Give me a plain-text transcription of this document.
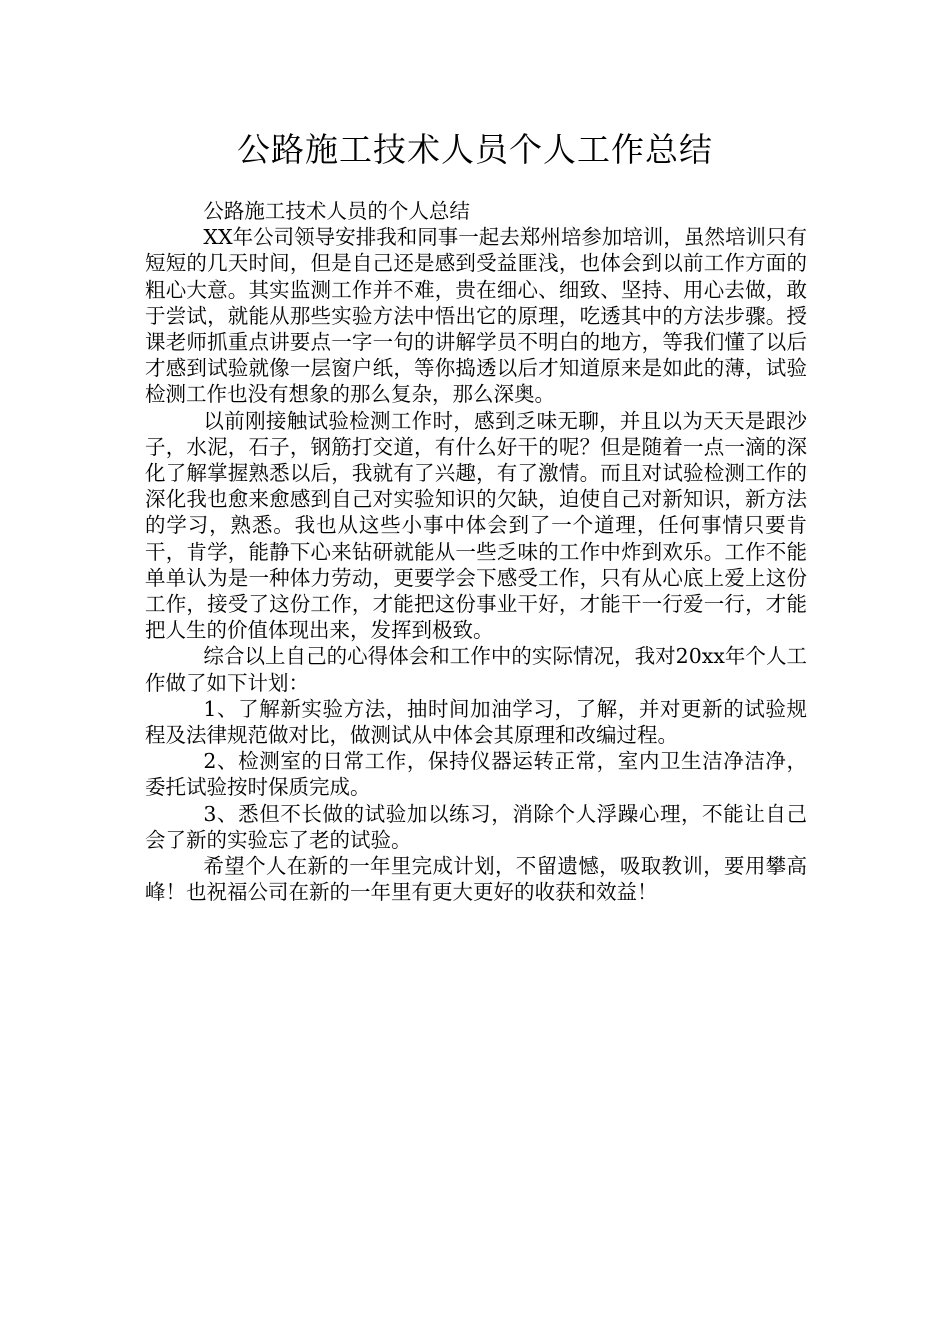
公路施工技术人员个人工作总结

公路施工技术人员的个人总结

XX年公司领导安排我和同事一起去郑州培参加培训，虽然培训只有短短的几天时间，但是自己还是感到受益匪浅，也体会到以前工作方面的粗心大意。其实监测工作并不难，贵在细心、细致、坚持、用心去做，敢于尝试，就能从那些实验方法中悟出它的原理，吃透其中的方法步骤。授课老师抓重点讲要点一字一句的讲解学员不明白的地方，等我们懂了以后才感到试验就像一层窗户纸，等你捣透以后才知道原来是如此的薄，试验检测工作也没有想象的那么复杂，那么深奥。

以前刚接触试验检测工作时，感到乏味无聊，并且以为天天是跟沙子，水泥，石子，钢筋打交道，有什么好干的呢？但是随着一点一滴的深化了解掌握熟悉以后，我就有了兴趣，有了激情。而且对试验检测工作的深化我也愈来愈感到自己对实验知识的欠缺，迫使自己对新知识，新方法的学习，熟悉。我也从这些小事中体会到了一个道理，任何事情只要肯干，肯学，能静下心来钻研就能从一些乏味的工作中炸到欢乐。工作不能单单认为是一种体力劳动，更要学会下感受工作，只有从心底上爱上这份工作，接受了这份工作，才能把这份事业干好，才能干一行爱一行，才能把人生的价值体现出来，发挥到极致。

综合以上自己的心得体会和工作中的实际情况，我对20xx年个人工作做了如下计划：

1、了解新实验方法，抽时间加油学习，了解，并对更新的试验规程及法律规范做对比，做测试从中体会其原理和改编过程。

2、检测室的日常工作，保持仪器运转正常，室内卫生洁净洁净，委托试验按时保质完成。

3、悉但不长做的试验加以练习，消除个人浮躁心理，不能让自己会了新的实验忘了老的试验。

希望个人在新的一年里完成计划，不留遗憾，吸取教训，要用攀高峰！也祝福公司在新的一年里有更大更好的收获和效益！
